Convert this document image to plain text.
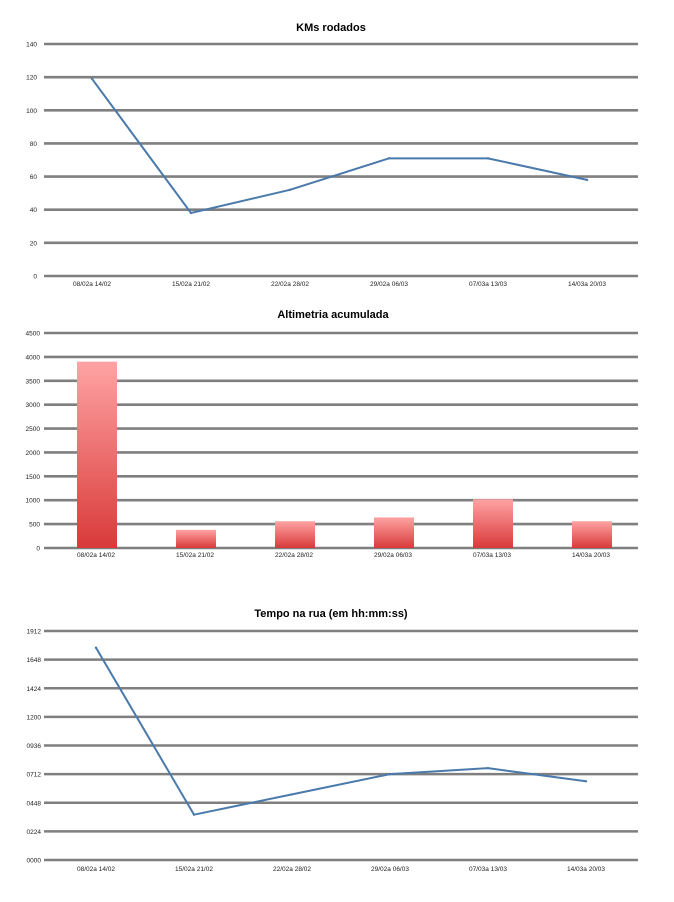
KMs rodados
0
20
40
60
80
100
120
140
08/02a 14/02	15/02a 21/02	22/02a 28/02	29/02a 06/03	07/03a 13/03	14/03a 20/03
Altimetria acumulada
0
500
1000
1500
2000
2500
3000
3500
4000
4500
08/02a 14/02	15/02a 21/02	22/02a 28/02	29/02a 06/03	07/03a 13/03	14/03a 20/03
Tempo na rua (em hh:mm:ss)
0000
0224
0448
0712
0936
1200
1424
1648
1912
08/02a 14/02	15/02a 21/02	22/02a 28/02	29/02a 06/03	07/03a 13/03	14/03a 20/03
